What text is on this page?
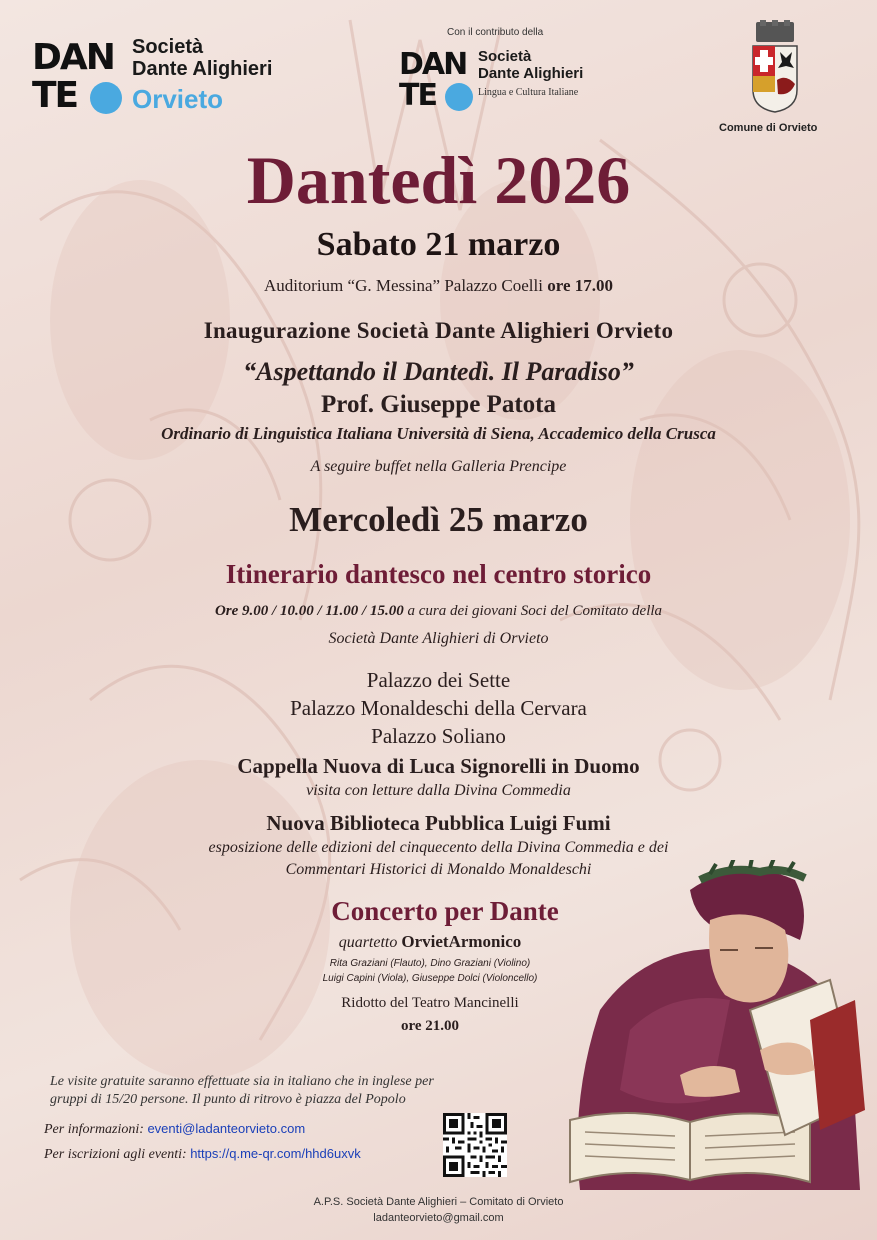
DAN
TE
Società
Dante Alighieri
Orvieto
Con il contributo della
DAN
TE
Società
Dante Alighieri
Lingua e Cultura Italiane
Comune di Orvieto
Dantedì 2026
Sabato 21 marzo
Auditorium “G. Messina” Palazzo Coelli ore 17.00
Inaugurazione Società Dante Alighieri Orvieto
“Aspettando il Dantedì. Il Paradiso”
Prof. Giuseppe Patota
Ordinario di Linguistica Italiana Università di Siena, Accademico della Crusca
A seguire buffet nella Galleria Prencipe
Mercoledì 25 marzo
Itinerario dantesco nel centro storico
Ore 9.00 / 10.00 / 11.00 / 15.00 a cura dei giovani Soci del Comitato della
Società Dante Alighieri di Orvieto
Palazzo dei Sette
Palazzo Monaldeschi della Cervara
Palazzo Soliano
Cappella Nuova di Luca Signorelli in Duomo
visita con letture dalla Divina Commedia
Nuova Biblioteca Pubblica Luigi Fumi
esposizione delle edizioni del cinquecento della Divina Commedia e dei
Commentari Historici di Monaldo Monaldeschi
Concerto per Dante
quartetto OrvietArmonico
Rita Graziani (Flauto), Dino Graziani (Violino)
Luigi Capini (Viola), Giuseppe Dolci (Violoncello)
Ridotto del Teatro Mancinelli
ore 21.00
Le visite gratuite saranno effettuate sia in italiano che in inglese per
gruppi di 15/20 persone. Il punto di ritrovo è piazza del Popolo
Per informazioni: eventi@ladanteorvieto.com
Per iscrizioni agli eventi: https://q.me-qr.com/hhd6uxvk
A.P.S. Società Dante Alighieri – Comitato di Orvieto
ladanteorvieto@gmail.com
